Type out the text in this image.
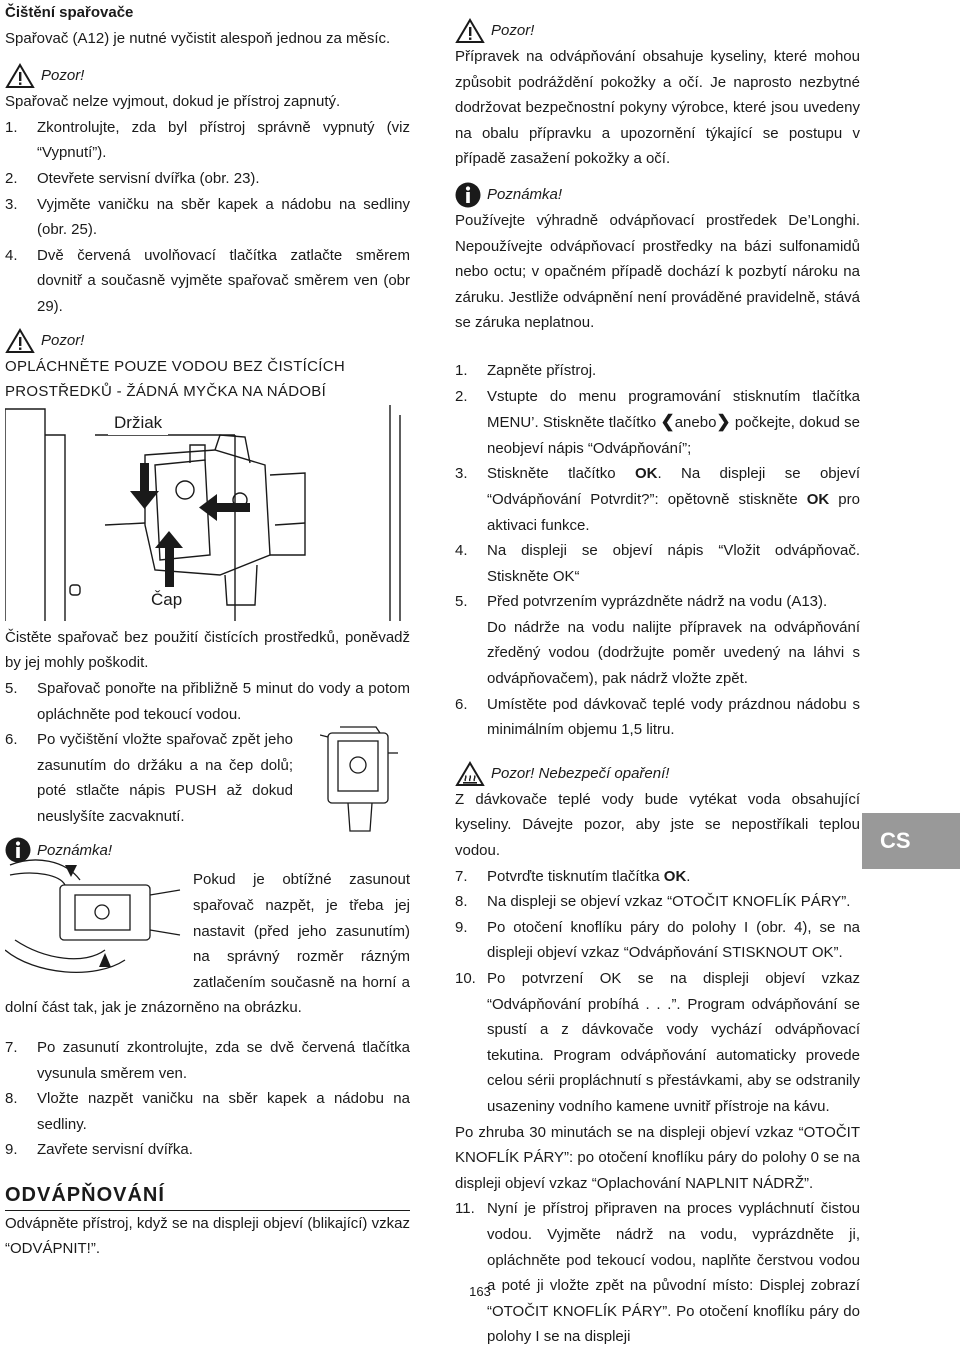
Čištění spařovače

Spařovač (A12) je nutné vyčistit alespoň jednou za měsíc.

Pozor!

Spařovač nelze vyjmout, dokud je přístroj zapnutý.

1.	Zkontrolujte, zda byl přístroj správně vypnutý (viz “Vypnutí”).
2.	Otevřete servisní dvířka (obr. 23).
3.	Vyjměte vaničku na sběr kapek a nádobu na sedliny (obr. 25).
4.	Dvě červená uvolňovací tlačítka zatlačte směrem dovnitř a současně vyjměte spařovač směrem ven (obr 29).
Pozor!

OPLÁCHNĚTE POUZE VODOU BEZ ČISTÍCÍCH PROSTŘEDKŮ - ŽÁDNÁ MYČKA NA NÁDOBÍ

Držiak
Čap

Čistěte spařovač bez použití čistících prostředků, poněvadž by jej mohly poškodit.

5.	Spařovač ponořte na přibližně 5 minut do vody a potom opláchněte pod tekoucí vodou.
6.	Po vyčištění vložte spařovač zpět jeho zasunutím do držáku a na čep dolů; poté stlačte nápis PUSH až dokud neuslyšíte zacvaknutí.
Poznámka!

Pokud je obtížné zasunout spařovač nazpět, je třeba jej nastavit (před jeho zasunutím) na správný rozměr rázným zatlačením současně na horní a dolní část tak, jak je znázorněno na obrázku.

7.	Po zasunutí zkontrolujte, zda se dvě červená tlačítka vysunula směrem ven.
8.	Vložte nazpět vaničku na sběr kapek a nádobu na sedliny.
9.	Zavřete servisní dvířka.
ODVÁPŇOVÁNÍ

Odvápněte přístroj, když se na displeji objeví (blikající) vzkaz “ODVÁPNIT!”.

Pozor!

Přípravek na odvápňování obsahuje kyseliny, které mohou způsobit podráždění pokožky a očí. Je naprosto nezbytné dodržovat bezpečnostní pokyny výrobce, které jsou uvedeny na obalu přípravku a upozornění týkající se postupu v případě zasažení pokožky a očí.

Poznámka!

Používejte výhradně odvápňovací prostředek De’Longhi. Nepoužívejte odvápňovací prostředky na bázi sulfonamidů nebo octu; v opačném případě dochází k pozbytí nároku na záruku. Jestliže odvápnění není prováděné pravidelně, stává se záruka neplatnou.

1.	Zapněte přístroj.
2.	Vstupte do menu programování stisknutím tlačítka MENU’. Stiskněte tlačítko ❮anebo❯ počkejte, dokud se neobjeví nápis “Odvápňování”;
3.	Stiskněte tlačítko OK. Na displeji se objeví “Odvápňování Potvrdit?”: opětovně stiskněte OK pro aktivaci funkce.
4.	Na displeji se objeví nápis “Vložit odvápňovač. Stiskněte OK“
5.	Před potvrzením vyprázdněte nádrž na vodu (A13).

Do nádrže na vodu nalijte přípravek na odvápňování zředěný vodou (dodržujte poměr uvedený na láhvi s odvápňovačem), pak nádrž vložte zpět.

6.	Umístěte pod dávkovač teplé vody prázdnou nádobu s minimálním objemu 1,5 litru.
Pozor! Nebezpečí opaření!

Z dávkovače teplé vody bude vytékat voda obsahující kyseliny. Dávejte pozor, aby jste se nepostříkali teplou vodou.

7.	Potvrďte tisknutím tlačítka OK.
8.	Na displeji se objeví vzkaz “OTOČIT KNOFLÍK PÁRY”.
9.	Po otočení knoflíku páry do polohy I (obr. 4), se na displeji objeví vzkaz “Odvápňování STISKNOUT OK”.
10. Po potvrzení OK se na displeji objeví vzkaz “Odvápňování probíhá . . .”. Program odvápňování se spustí a z dávkovače vody vychází odvápňovací tekutina. Program odvápňování automaticky provede celou sérii propláchnutí s přestávkami, aby se odstranily usazeniny vodního kamene uvnitř přístroje na kávu.

Po zhruba 30 minutách se na displeji objeví vzkaz “OTOČIT KNOFLÍK PÁRY”: po otočení knoflíku páry do polohy 0 se na displeji objeví vzkaz “Oplachování NAPLNIT NÁDRŽ”.

11. Nyní je přístroj připraven na proces vypláchnutí čistou vodou. Vyjměte nádrž na vodu, vyprázdněte ji, opláchněte pod tekoucí vodou, naplňte čerstvou vodou a poté ji vložte zpět na původní místo: Displej zobrazí “OTOČIT KNOFLÍK PÁRY”. Po otočení knoflíku páry do polohy I se na displeji
CS
163
